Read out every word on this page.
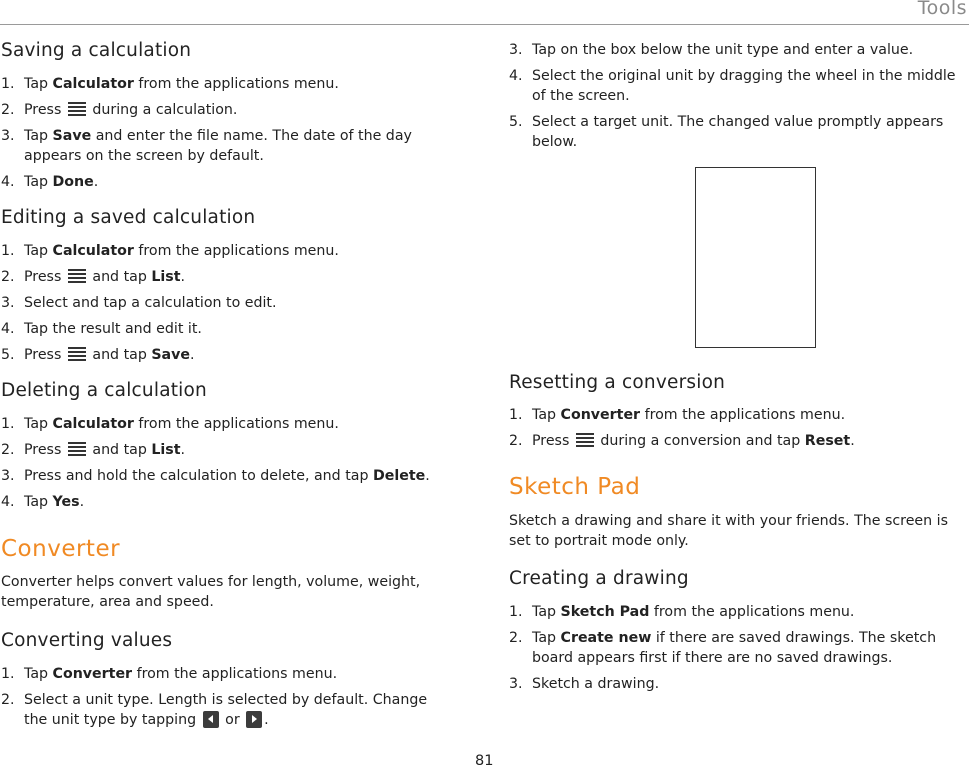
Tools
Saving a calculation
1. Tap Calculator from the applications menu.
2. Press  during a calculation.
3. Tap Save and enter the file name. The date of the day appears on the screen by default.
4. Tap Done.
Editing a saved calculation
1. Tap Calculator from the applications menu.
2. Press  and tap List.
3. Select and tap a calculation to edit.
4. Tap the result and edit it.
5. Press  and tap Save.
Deleting a calculation
1. Tap Calculator from the applications menu.
2. Press  and tap List.
3. Press and hold the calculation to delete, and tap Delete.
4. Tap Yes.
Converter
Converter helps convert values for length, volume, weight, temperature, area and speed.
Converting values
1. Tap Converter from the applications menu.
2. Select a unit type. Length is selected by default. Change the unit type by tapping
or
.
3. Tap on the box below the unit type and enter a value.
4. Select the original unit by dragging the wheel in the middle of the screen.
5. Select a target unit. The changed value promptly appears below.
Resetting a conversion
1. Tap Converter from the applications menu.
2. Press  during a conversion and tap Reset.
Sketch Pad
Sketch a drawing and share it with your friends. The screen is set to portrait mode only.
Creating a drawing
1. Tap Sketch Pad from the applications menu.
2. Tap Create new if there are saved drawings. The sketch board appears first if there are no saved drawings.
3. Sketch a drawing.
81
